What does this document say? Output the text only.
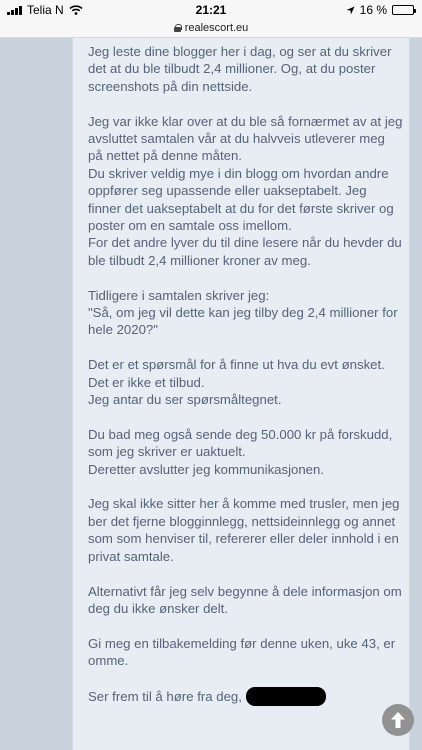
Telia N	21:21	16 %
realescort.eu

Jeg leste dine blogger her i dag, og ser at du skriver det at du ble tilbudt 2,4 millioner. Og, at du poster screenshots på din nettside.

Jeg var ikke klar over at du ble så fornærmet av at jeg avsluttet samtalen vår at du halvveis utleverer meg på nettet på denne måten.
Du skriver veldig mye i din blogg om hvordan andre oppfører seg upassende eller uakseptabelt. Jeg finner det uakseptabelt at du for det første skriver og poster om en samtale oss imellom.
For det andre lyver du til dine lesere når du hevder du ble tilbudt 2,4 millioner kroner av meg.

Tidligere i samtalen skriver jeg:
"Så, om jeg vil dette kan jeg tilby deg 2,4 millioner for hele 2020?"

Det er et spørsmål for å finne ut hva du evt ønsket. Det er ikke et tilbud.
Jeg antar du ser spørsmåltegnet.

Du bad meg også sende deg 50.000 kr på forskudd, som jeg skriver er uaktuelt.
Deretter avslutter jeg kommunikasjonen.

Jeg skal ikke sitter her å komme med trusler, men jeg ber det fjerne blogginnlegg, nettsideinnlegg og annet som som henviser til, refererer eller deler innhold i en privat samtale.

Alternativt får jeg selv begynne å dele informasjon om deg du ikke ønsker delt.

Gi meg en tilbakemelding før denne uken, uke 43, er omme.

Ser frem til å høre fra deg,
